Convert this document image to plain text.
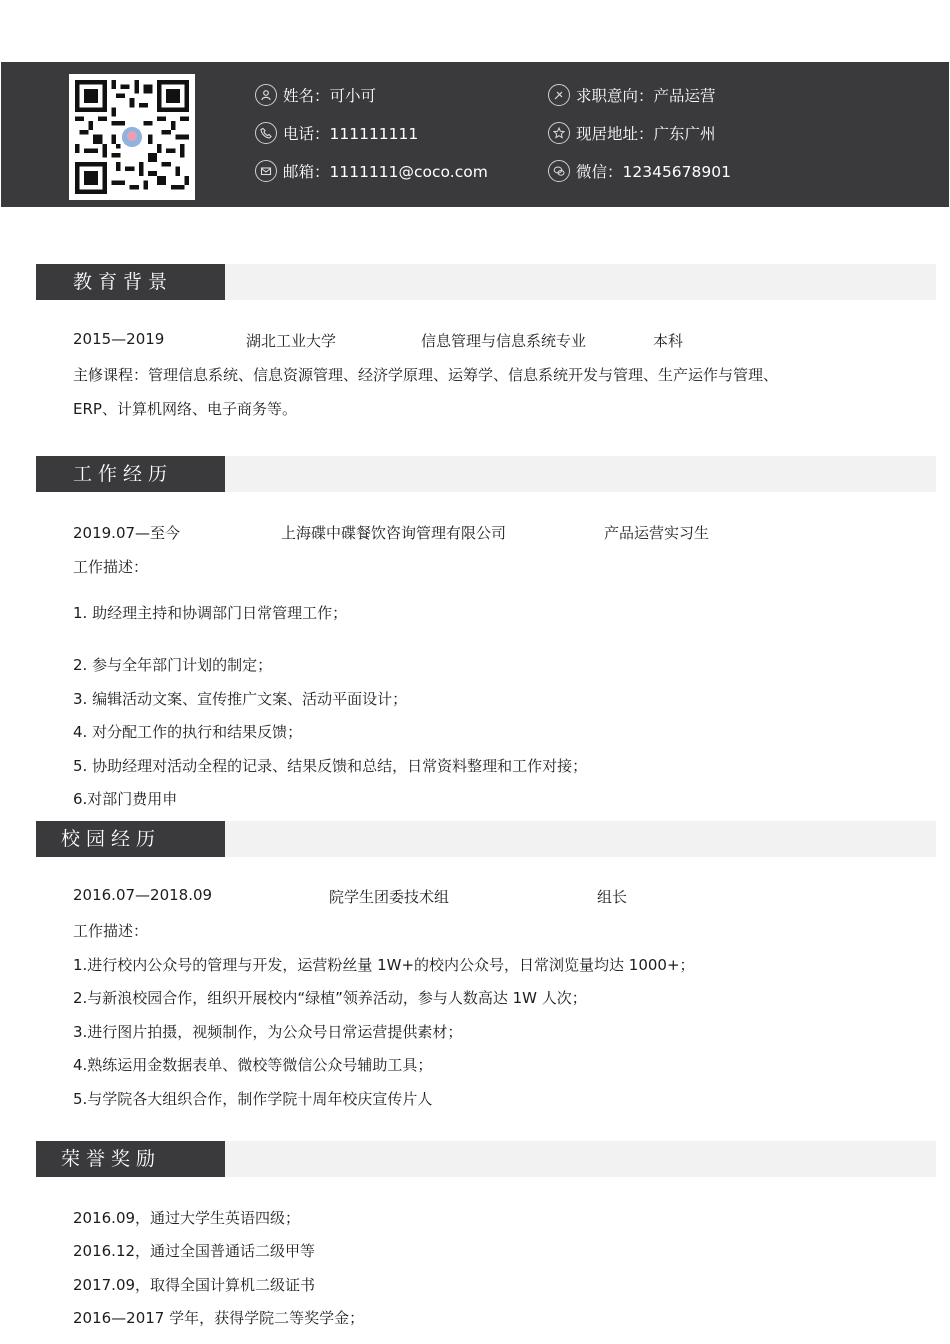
姓名：可小可
电话：111111111
邮箱：1111111@coco.com
求职意向：产品运营
现居地址：广东广州
微信：12345678901
教育背景
2015—2019	湖北工业大学	信息管理与信息系统专业	本科
主修课程：管理信息系统、信息资源管理、经济学原理、运筹学、信息系统开发与管理、生产运作与管理、
ERP、计算机网络、电子商务等。
工作经历
2019.07—至今	上海碟中碟餐饮咨询管理有限公司	产品运营实习生
工作描述：
1. 助经理主持和协调部门日常管理工作；
2. 参与全年部门计划的制定；
3. 编辑活动文案、宣传推广文案、活动平面设计；
4. 对分配工作的执行和结果反馈；
5. 协助经理对活动全程的记录、结果反馈和总结，日常资料整理和工作对接；
6.对部门费用申
校园经历
2016.07—2018.09	院学生团委技术组	组长
工作描述：
1.进行校内公众号的管理与开发，运营粉丝量 1W+的校内公众号，日常浏览量均达 1000+；
2.与新浪校园合作，组织开展校内“绿植”领养活动，参与人数高达 1W 人次；
3.进行图片拍摄，视频制作，为公众号日常运营提供素材；
4.熟练运用金数据表单、微校等微信公众号辅助工具；
5.与学院各大组织合作，制作学院十周年校庆宣传片人
荣誉奖励
2016.09，通过大学生英语四级；
2016.12，通过全国普通话二级甲等
2017.09，取得全国计算机二级证书
2016—2017 学年，获得学院二等奖学金；
